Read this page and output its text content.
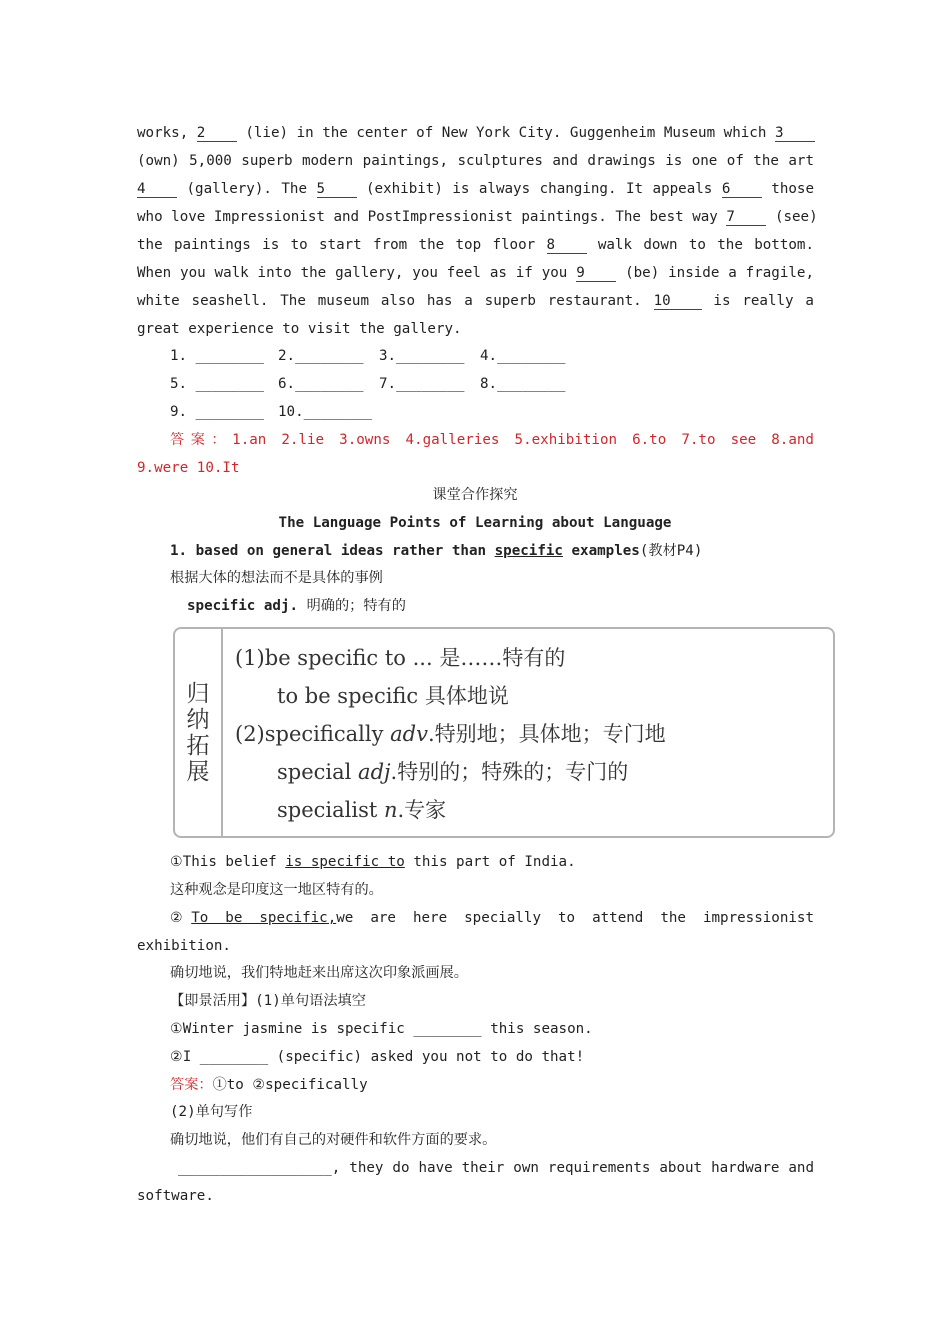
works, 2	(lie) in the center of New York City. Guggenheim Museum which 3
(own) 5,000 superb modern paintings, sculptures and drawings is one of the art
4	(gallery). The 5	(exhibit) is always changing. It appeals 6	those
who love Impressionist and PostImpressionist paintings. The best way 7	(see)
the paintings is to start from the top floor 8	walk down to the bottom.
When you walk into the gallery, you feel as if you 9	(be) inside a fragile,
white seashell. The museum also has a superb restaurant. 10	is really a
great experience to visit the gallery.
1. ________ 2.________ 3.________ 4.________
5. ________ 6.________ 7.________ 8.________
9. ________ 10.________
答案：1.an 2.lie 3.owns 4.galleries 5.exhibition 6.to 7.to see 8.and
9.were 10.It
课堂合作探究
The Language Points of Learning about Language
1. based on general ideas rather than specific examples(教材P4)
根据大体的想法而不是具体的事例
specific adj. 明确的；特有的
归纳拓展
(1)be specific to ... 是……特有的
to be specific 具体地说
(2)specifically adv.特别地；具体地；专门地
special adj.特别的；特殊的；专门的
specialist n.专家
①This belief is specific to this part of India.
这种观念是印度这一地区特有的。
②To be specific,we are here specially to attend the impressionist
exhibition.
确切地说，我们特地赶来出席这次印象派画展。
【即景活用】(1)单句语法填空
①Winter jasmine is specific ________ this season.
②I ________ (specific) asked you not to do that!
答案：①to ②specifically
(2)单句写作
确切地说，他们有自己的对硬件和软件方面的要求。
__________________, they do have their own requirements about hardware and
software.
